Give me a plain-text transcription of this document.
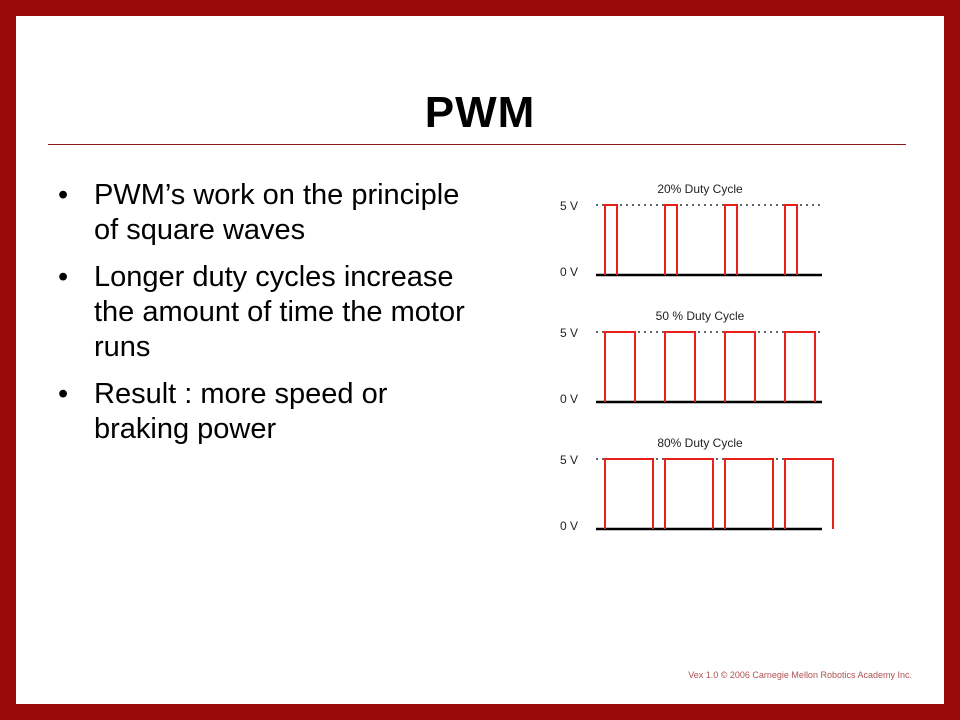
PWM
• PWM’s work on the principle of square waves
• Longer duty cycles increase the amount of time the motor runs
• Result : more speed or braking power
20% Duty Cycle
5 V
0 V
50 % Duty Cycle
5 V
0 V
80% Duty Cycle
5 V
0 V
Vex 1.0 © 2006 Carnegie Mellon Robotics Academy Inc.
